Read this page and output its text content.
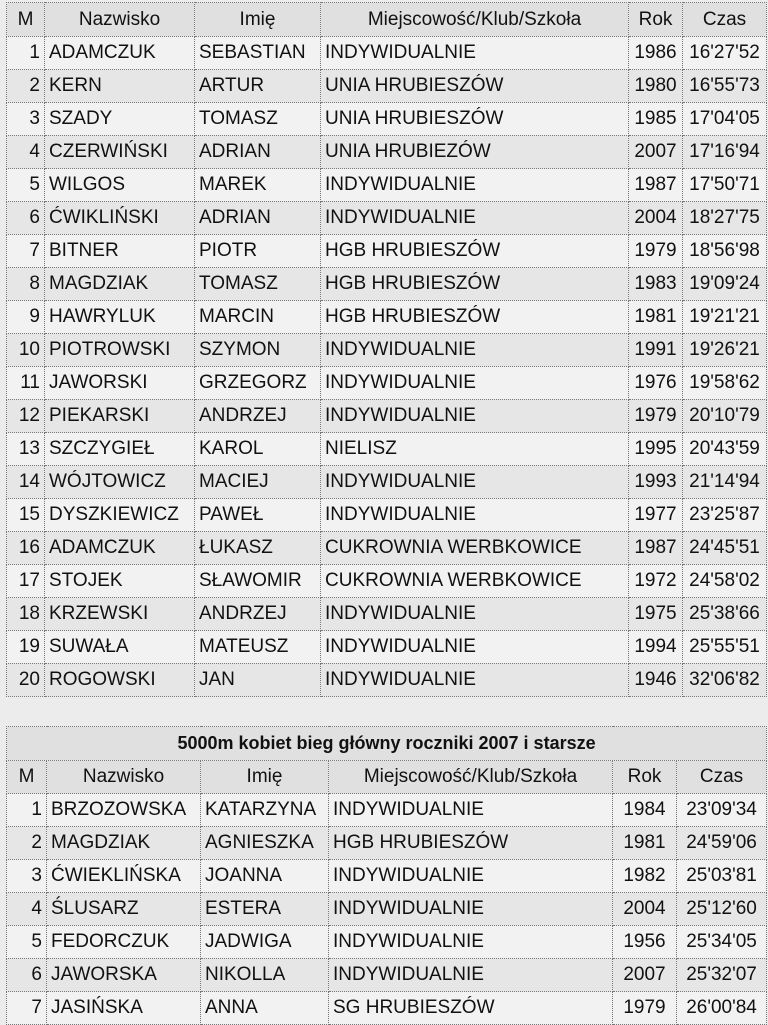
M	Nazwisko	Imię	Miejscowość/Klub/Szkoła	Rok	Czas
1	ADAMCZUK	SEBASTIAN	INDYWIDUALNIE	1986	16'27'52
2	KERN	ARTUR	UNIA HRUBIESZÓW	1980	16'55'73
3	SZADY	TOMASZ	UNIA HRUBIESZÓW	1985	17'04'05
4	CZERWIŃSKI	ADRIAN	UNIA HRUBIEZÓW	2007	17'16'94
5	WILGOS	MAREK	INDYWIDUALNIE	1987	17'50'71
6	ĆWIKLIŃSKI	ADRIAN	INDYWIDUALNIE	2004	18'27'75
7	BITNER	PIOTR	HGB HRUBIESZÓW	1979	18'56'98
8	MAGDZIAK	TOMASZ	HGB HRUBIESZÓW	1983	19'09'24
9	HAWRYLUK	MARCIN	HGB HRUBIESZÓW	1981	19'21'21
10	PIOTROWSKI	SZYMON	INDYWIDUALNIE	1991	19'26'21
11	JAWORSKI	GRZEGORZ	INDYWIDUALNIE	1976	19'58'62
12	PIEKARSKI	ANDRZEJ	INDYWIDUALNIE	1979	20'10'79
13	SZCZYGIEŁ	KAROL	NIELISZ	1995	20'43'59
14	WÓJTOWICZ	MACIEJ	INDYWIDUALNIE	1993	21'14'94
15	DYSZKIEWICZ	PAWEŁ	INDYWIDUALNIE	1977	23'25'87
16	ADAMCZUK	ŁUKASZ	CUKROWNIA WERBKOWICE	1987	24'45'51
17	STOJEK	SŁAWOMIR	CUKROWNIA WERBKOWICE	1972	24'58'02
18	KRZEWSKI	ANDRZEJ	INDYWIDUALNIE	1975	25'38'66
19	SUWAŁA	MATEUSZ	INDYWIDUALNIE	1994	25'55'51
20	ROGOWSKI	JAN	INDYWIDUALNIE	1946	32'06'82
5000m kobiet bieg główny roczniki 2007 i starsze					
M	Nazwisko	Imię	Miejscowość/Klub/Szkoła	Rok	Czas
1	BRZOZOWSKA	KATARZYNA	INDYWIDUALNIE	1984	23'09'34
2	MAGDZIAK	AGNIESZKA	HGB HRUBIESZÓW	1981	24'59'06
3	ĆWIEKLIŃSKA	JOANNA	INDYWIDUALNIE	1982	25'03'81
4	ŚLUSARZ	ESTERA	INDYWIDUALNIE	2004	25'12'60
5	FEDORCZUK	JADWIGA	INDYWIDUALNIE	1956	25'34'05
6	JAWORSKA	NIKOLLA	INDYWIDUALNIE	2007	25'32'07
7	JASIŃSKA	ANNA	SG HRUBIESZÓW	1979	26'00'84
